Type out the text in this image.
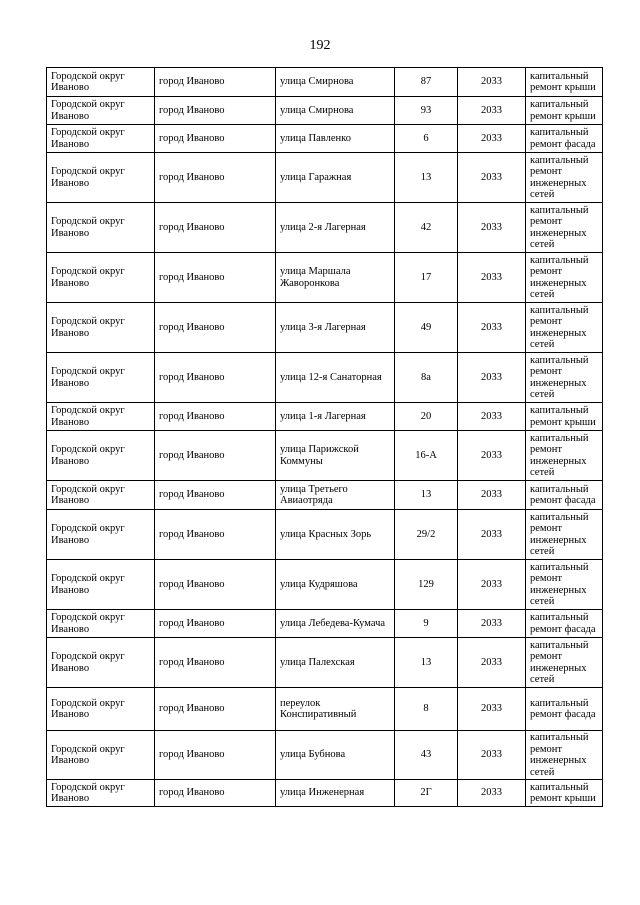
192
Городской округ Иваново	город Иваново	улица Смирнова	87	2033	капитальный ремонт крыши
Городской округ Иваново	город Иваново	улица Смирнова	93	2033	капитальный ремонт крыши
Городской округ Иваново	город Иваново	улица Павленко	6	2033	капитальный ремонт фасада
Городской округ Иваново	город Иваново	улица Гаражная	13	2033	капитальный ремонт инженерных сетей
Городской округ Иваново	город Иваново	улица 2-я Лагерная	42	2033	капитальный ремонт инженерных сетей
Городской округ Иваново	город Иваново	улица Маршала Жаворонкова	17	2033	капитальный ремонт инженерных сетей
Городской округ Иваново	город Иваново	улица 3-я Лагерная	49	2033	капитальный ремонт инженерных сетей
Городской округ Иваново	город Иваново	улица 12-я Санаторная	8а	2033	капитальный ремонт инженерных сетей
Городской округ Иваново	город Иваново	улица 1-я Лагерная	20	2033	капитальный ремонт крыши
Городской округ Иваново	город Иваново	улица Парижской Коммуны	16-А	2033	капитальный ремонт инженерных сетей
Городской округ Иваново	город Иваново	улица Третьего Авиаотряда	13	2033	капитальный ремонт фасада
Городской округ Иваново	город Иваново	улица Красных Зорь	29/2	2033	капитальный ремонт инженерных сетей
Городской округ Иваново	город Иваново	улица Кудряшова	129	2033	капитальный ремонт инженерных сетей
Городской округ Иваново	город Иваново	улица Лебедева-Кумача	9	2033	капитальный ремонт фасада
Городской округ Иваново	город Иваново	улица Палехская	13	2033	капитальный ремонт инженерных сетей
Городской округ Иваново	город Иваново	переулок Конспиративный	8	2033	капитальный ремонт фасада
Городской округ Иваново	город Иваново	улица Бубнова	43	2033	капитальный ремонт инженерных сетей
Городской округ Иваново	город Иваново	улица Инженерная	2Г	2033	капитальный ремонт крыши
